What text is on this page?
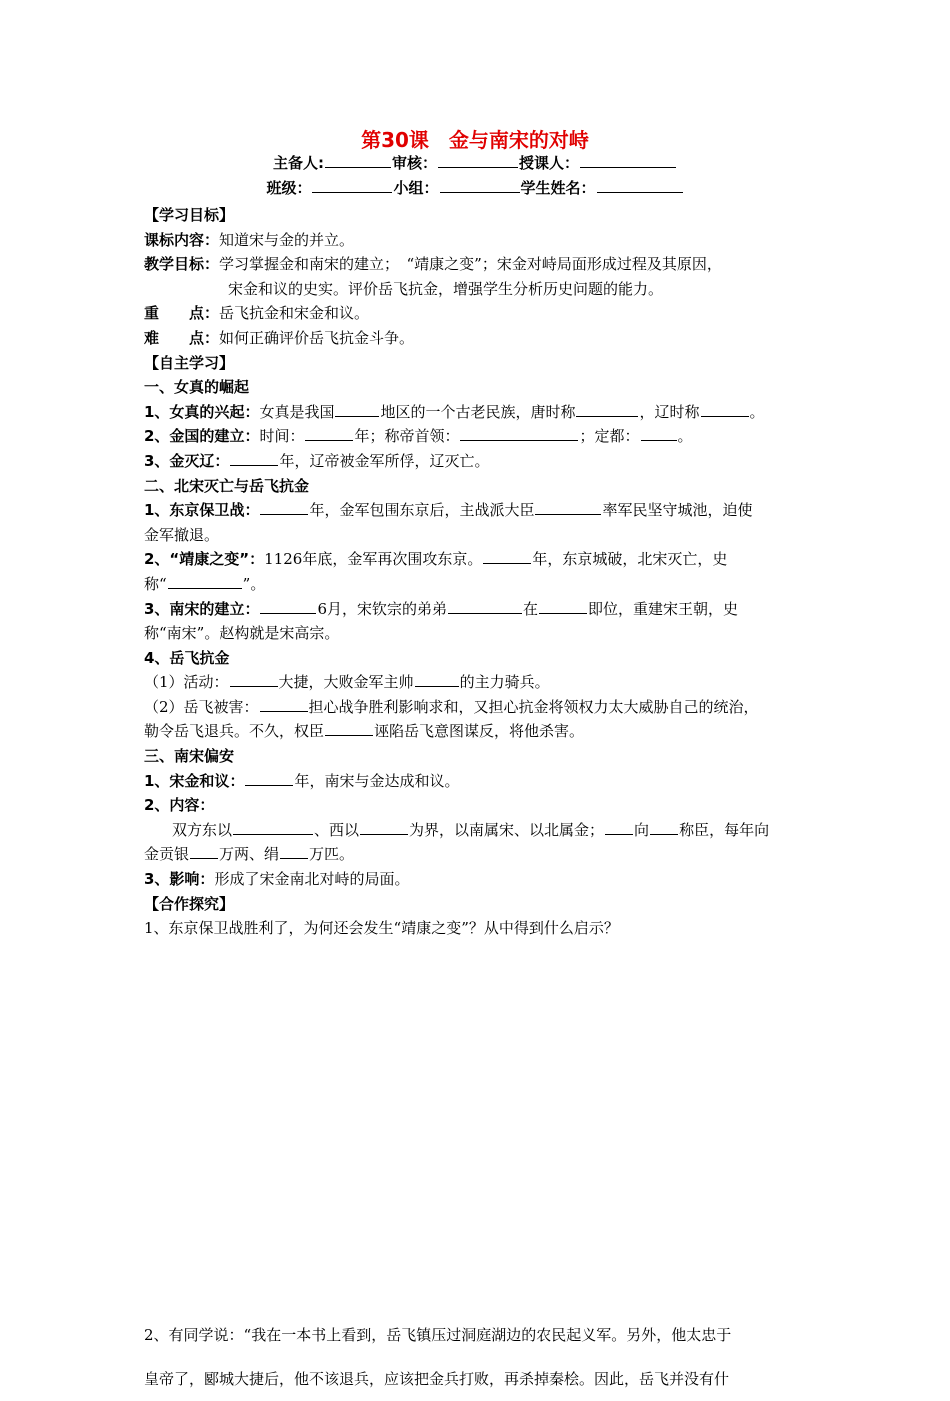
第30课　金与南宋的对峙
主备人:	审核：	授课人：
班级：	小组：	学生姓名：
【学习目标】
课标内容：知道宋与金的并立。
教学目标：学习掌握金和南宋的建立；　“靖康之变”；宋金对峙局面形成过程及其原因，
宋金和议的史实。评价岳飞抗金，增强学生分析历史问题的能力。
重　　点：岳飞抗金和宋金和议。
难　　点：如何正确评价岳飞抗金斗争。
【自主学习】
一、女真的崛起
1、女真的兴起：女真是我国	地区的一个古老民族，唐时称	，辽时称	。
2、金国的建立：时间：	年；称帝首领：	；定都：	。
3、金灭辽：	年，辽帝被金军所俘，辽灭亡。
二、北宋灭亡与岳飞抗金
1、东京保卫战：	年，金军包围东京后，主战派大臣	率军民坚守城池，迫使
金军撤退。
2、“靖康之变”：1126年底，金军再次围攻东京。	年，东京城破，北宋灭亡，史
称“	”。
3、南宋的建立：	6月，宋钦宗的弟弟	在	即位，重建宋王朝，史
称“南宋”。赵构就是宋高宗。
4、岳飞抗金
（1）活动：	大捷，大败金军主帅	的主力骑兵。
（2）岳飞被害：	担心战争胜利影响求和，又担心抗金将领权力太大威胁自己的统治，
勒令岳飞退兵。不久，权臣	诬陷岳飞意图谋反，将他杀害。
三、南宋偏安
1、宋金和议：	年，南宋与金达成和议。
2、内容：
双方东以	、西以	为界，以南属宋、以北属金； 向 称臣，每年向
金贡银 万两、绢 万匹。
3、影响：形成了宋金南北对峙的局面。
【合作探究】
1、东京保卫战胜利了，为何还会发生“靖康之变”？从中得到什么启示？
2、有同学说：“我在一本书上看到，岳飞镇压过洞庭湖边的农民起义军。另外，他太忠于
皇帝了，郾城大捷后，他不该退兵，应该把金兵打败，再杀掉秦桧。因此，岳飞并没有什
